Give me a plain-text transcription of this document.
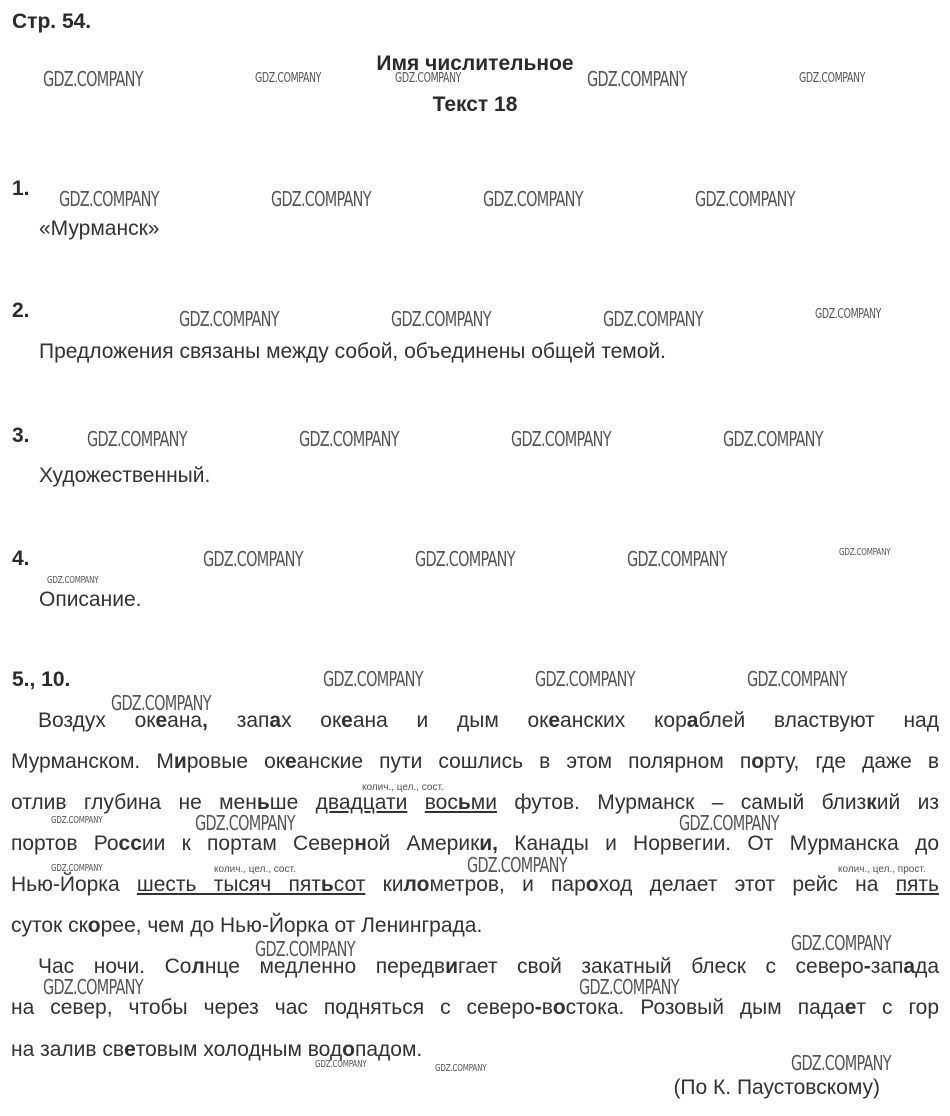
Стр. 54.
Имя числительное
Текст 18
1.
«Мурманск»
2.
Предложения связаны между собой, объединены общей темой.
3.
Художественный.
4.
Описание.
5., 10.
Воздух океана, запах океана и дым океанских кораблей властвуют над
Мурманском. Мировые океанские пути сошлись в этом полярном порту, где даже в
отлив глубина не меньше двадцати восьми футов. Мурманск – самый близкий из
портов России к портам Северной Америки, Канады и Норвегии. От Мурманска до
Нью-Йорка шесть тысяч пятьсот километров, и пароход делает этот рейс на пять
суток скорее, чем до Нью-Йорка от Ленинграда.
Час ночи. Солнце медленно передвигает свой закатный блеск с северо-запада
на север, чтобы через час подняться с северо-востока. Розовый дым падает с гор
на залив световым холодным водопадом.
колич., цел., сост.
колич., цел., сост.	колич., цел., прост.
(По К. Паустовскому)
GDZ.COMPANY	GDZ.COMPANY	GDZ.COMPANY	GDZ.COMPANY	GDZ.COMPANY
GDZ.COMPANY	GDZ.COMPANY	GDZ.COMPANY	GDZ.COMPANY
GDZ.COMPANY	GDZ.COMPANY	GDZ.COMPANY	GDZ.COMPANY
GDZ.COMPANY	GDZ.COMPANY	GDZ.COMPANY	GDZ.COMPANY
GDZ.COMPANY	GDZ.COMPANY	GDZ.COMPANY	GDZ.COMPANY
GDZ.COMPANY
GDZ.COMPANY	GDZ.COMPANY	GDZ.COMPANY
GDZ.COMPANY
GDZ.COMPANY	GDZ.COMPANY	GDZ.COMPANY
GDZ.COMPANY	GDZ.COMPANY
GDZ.COMPANY	GDZ.COMPANY
GDZ.COMPANY	GDZ.COMPANY
GDZ.COMPANY	GDZ.COMPANY	GDZ.COMPANY
